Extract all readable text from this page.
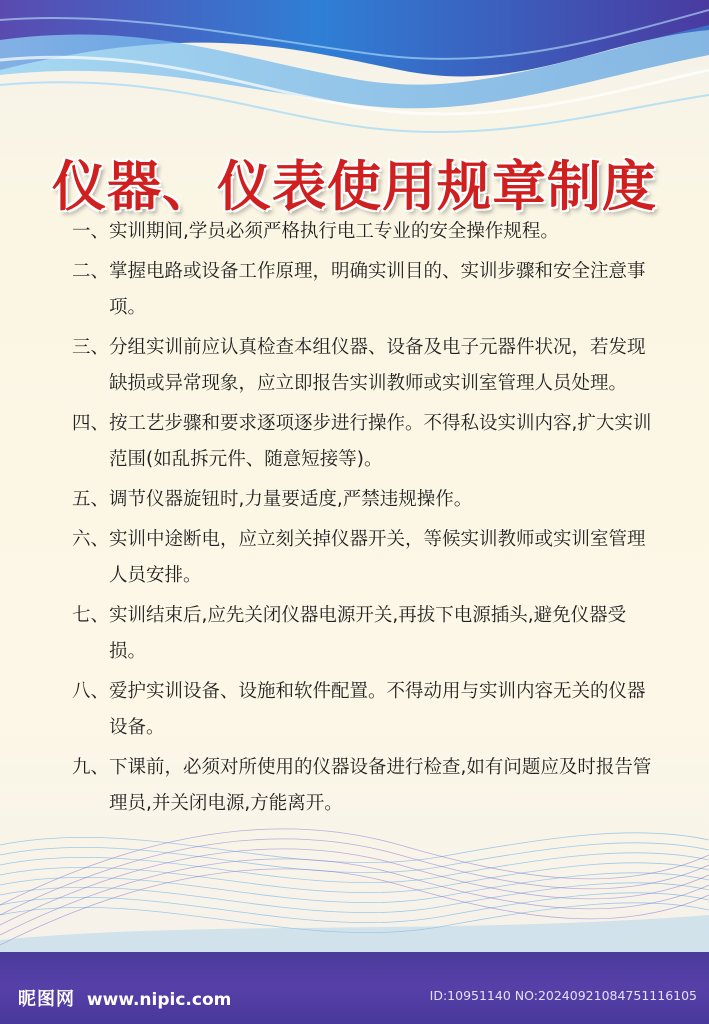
仪器、仪表使用规章制度
一、 实训期间,学员必须严格执行电工专业的安全操作规程。
二、 掌握电路或设备工作原理，明确实训目的、实训步骤和安全注意事项。
三、 分组实训前应认真检查本组仪器、设备及电子元器件状况，若发现缺损或异常现象，应立即报告实训教师或实训室管理人员处理。
四、 按工艺步骤和要求逐项逐步进行操作。不得私设实训内容,扩大实训范围(如乱拆元件、随意短接等)。
五、 调节仪器旋钮时,力量要适度,严禁违规操作。
六、 实训中途断电，应立刻关掉仪器开关，等候实训教师或实训室管理人员安排。
七、 实训结束后,应先关闭仪器电源开关,再拔下电源插头,避免仪器受损。
八、 爱护实训设备、设施和软件配置。不得动用与实训内容无关的仪器设备。
九、 下课前，必须对所使用的仪器设备进行检查,如有问题应及时报告管理员,并关闭电源,方能离开。
昵图网 www.nipic.com	ID:10951140 NO:20240921084751116105
